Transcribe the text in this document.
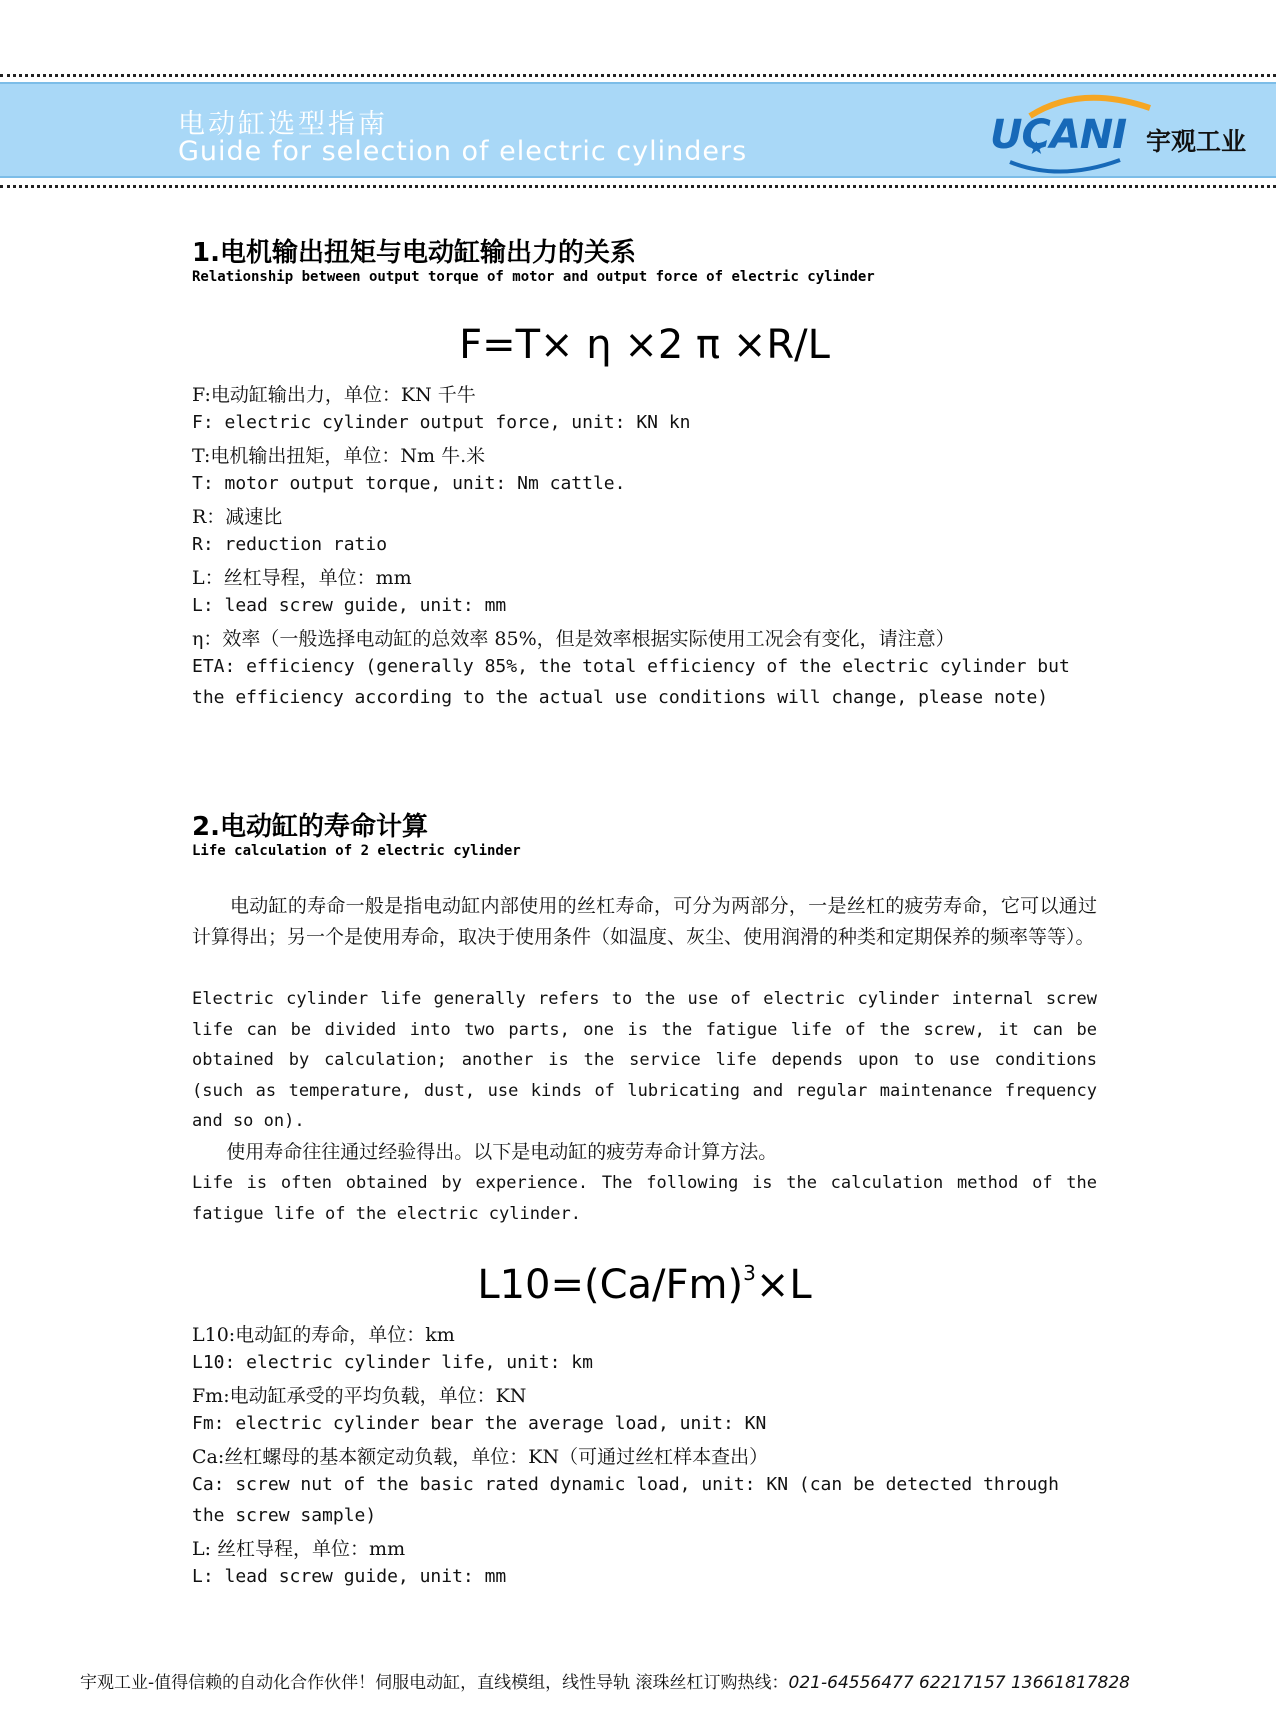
电动缸选型指南
Guide for selection of electric cylinders	UCANI 宇观工业
1.电机输出扭矩与电动缸输出力的关系
Relationship between output torque of motor and output force of electric cylinder
F=T× η ×2 π ×R/L
F:电动缸输出力，单位：KN 千牛
F: electric cylinder output force, unit: KN kn
T:电机输出扭矩，单位：Nm 牛.米
T: motor output torque, unit: Nm cattle.
R：减速比
R: reduction ratio
L：丝杠导程，单位：mm
L: lead screw guide, unit: mm
η：效率（一般选择电动缸的总效率 85%，但是效率根据实际使用工况会有变化，请注意）
ETA: efficiency (generally 85%, the total efficiency of the electric cylinder but
the efficiency according to the actual use conditions will change, please note)
2.电动缸的寿命计算
Life calculation of 2 electric cylinder
电动缸的寿命一般是指电动缸内部使用的丝杠寿命，可分为两部分，一是丝杠的疲劳寿命，它可以通过计算得出；另一个是使用寿命，取决于使用条件（如温度、灰尘、使用润滑的种类和定期保养的频率等等）。
Electric cylinder life generally refers to the use of electric cylinder internal screw life can be divided into two parts, one is the fatigue life of the screw, it can be obtained by calculation; another is the service life depends upon to use conditions (such as temperature, dust, use kinds of lubricating and regular maintenance frequency and so on).
使用寿命往往通过经验得出。以下是电动缸的疲劳寿命计算方法。
Life is often obtained by experience. The following is the calculation method of the fatigue life of the electric cylinder.
$L10=(Ca/Fm)^3\times L$
L10:电动缸的寿命，单位：km
L10: electric cylinder life, unit: km
Fm:电动缸承受的平均负载，单位：KN
Fm: electric cylinder bear the average load, unit: KN
Ca:丝杠螺母的基本额定动负载，单位：KN（可通过丝杠样本查出）
Ca: screw nut of the basic rated dynamic load, unit: KN (can be detected through
the screw sample)
L: 丝杠导程，单位：mm
L: lead screw guide, unit: mm
宇观工业-值得信赖的自动化合作伙伴！伺服电动缸，直线模组，线性导轨 滚珠丝杠订购热线：021-64556477 62217157 13661817828
